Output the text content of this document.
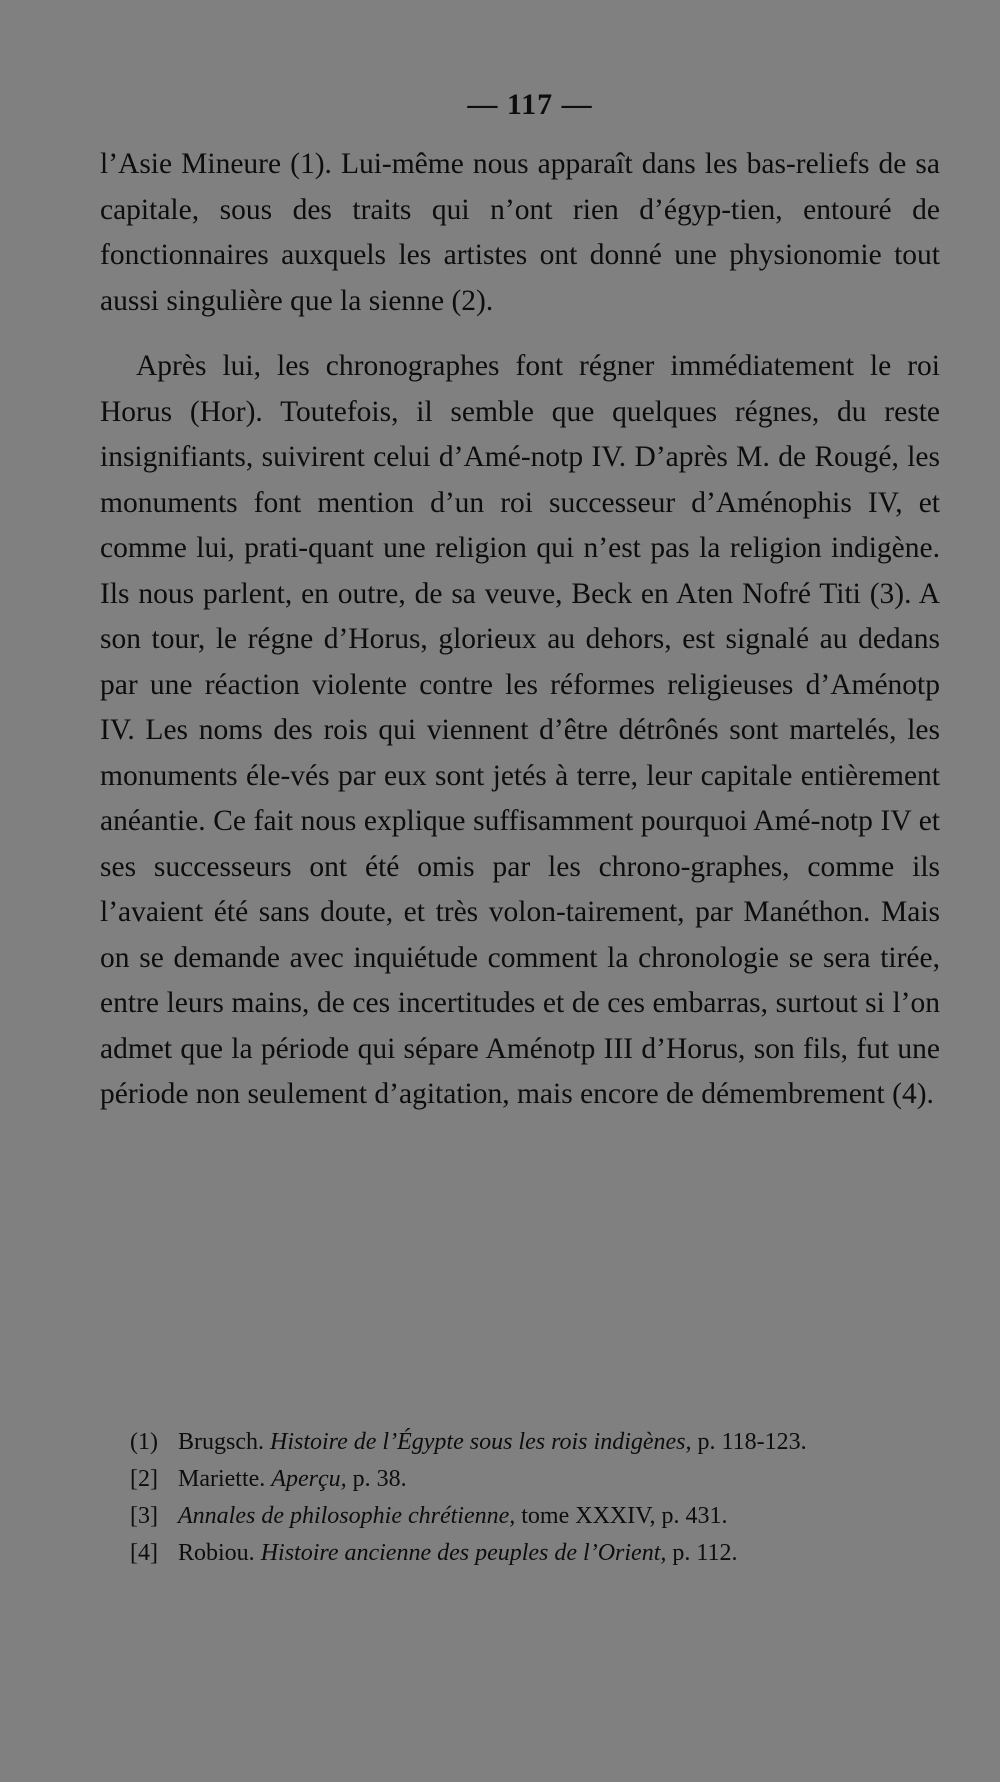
— 117 —

l’Asie Mineure (1). Lui-même nous apparaît dans les bas-reliefs de sa capitale, sous des traits qui n’ont rien d’égyp-tien, entouré de fonctionnaires auxquels les artistes ont donné une physionomie tout aussi singulière que la sienne (2).

Après lui, les chronographes font régner immédiatement le roi Horus (Hor). Toutefois, il semble que quelques régnes, du reste insignifiants, suivirent celui d’Amé-notp IV. D’après M. de Rougé, les monuments font mention d’un roi successeur d’Aménophis IV, et comme lui, prati-quant une religion qui n’est pas la religion indigène. Ils nous parlent, en outre, de sa veuve, Beck en Aten Nofré Titi (3). A son tour, le régne d’Horus, glorieux au dehors, est signalé au dedans par une réaction violente contre les réformes religieuses d’Aménotp IV. Les noms des rois qui viennent d’être détrônés sont martelés, les monuments éle-vés par eux sont jetés à terre, leur capitale entièrement anéantie. Ce fait nous explique suffisamment pourquoi Amé-notp IV et ses successeurs ont été omis par les chrono-graphes, comme ils l’avaient été sans doute, et très volon-tairement, par Manéthon. Mais on se demande avec inquiétude comment la chronologie se sera tirée, entre leurs mains, de ces incertitudes et de ces embarras, surtout si l’on admet que la période qui sépare Aménotp III d’Horus, son fils, fut une période non seulement d’agitation, mais encore de démembrement (4).

(1) Brugsch. Histoire de l’Égypte sous les rois indigènes, p. 118-123.

[2] Mariette. Aperçu, p. 38.

[3] Annales de philosophie chrétienne, tome XXXIV, p. 431.

[4] Robiou. Histoire ancienne des peuples de l’Orient, p. 112.
